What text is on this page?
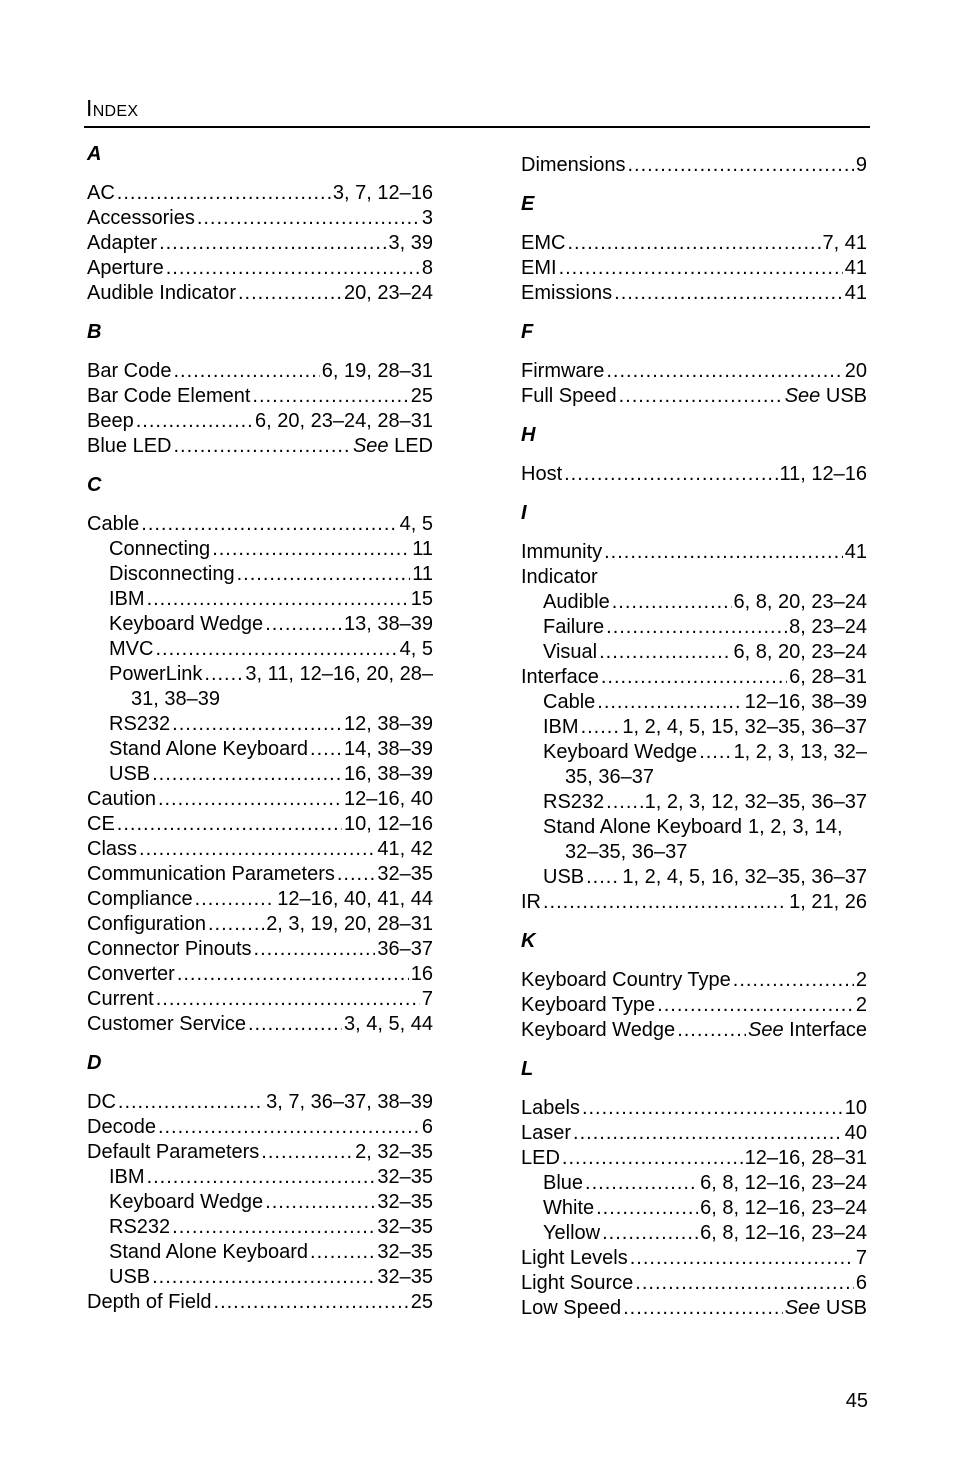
Index
A
AC .....	3, 7, 12–16
Accessories .....	3
Adapter .....	3, 39
Aperture .....	8
Audible Indicator .....	20, 23–24
B
Bar Code .....	6, 19, 28–31
Bar Code Element .....	25
Beep .....	6, 20, 23–24, 28–31
Blue LED .....	See LED
C
Cable .....	4, 5
Connecting .....	11
Disconnecting .....	11
IBM .....	15
Keyboard Wedge .....	13, 38–39
MVC .....	4, 5
PowerLink ..... 3, 11, 12–16, 20, 28–
31, 38–39
RS232 .....	12, 38–39
Stand Alone Keyboard ..... 14, 38–39
USB .....	16, 38–39
Caution .....	12–16, 40
CE .....	10, 12–16
Class .....	41, 42
Communication Parameters ..... 32–35
Compliance .....	12–16, 40, 41, 44
Configuration .....	2, 3, 19, 20, 28–31
Connector Pinouts .....	36–37
Converter .....	16
Current .....	7
Customer Service .....	3, 4, 5, 44
D
DC .....	3, 7, 36–37, 38–39
Decode .....	6
Default Parameters .....	2, 32–35
IBM .....	32–35
Keyboard Wedge .....	32–35
RS232 .....	32–35
Stand Alone Keyboard .....	32–35
USB .....	32–35
Depth of Field .....	25
Dimensions .....	9
E
EMC .....	7, 41
EMI .....	41
Emissions .....	41
F
Firmware .....	20
Full Speed .....	See USB
H
Host .....	11, 12–16
I
Immunity .....	41
Indicator
Audible .....	6, 8, 20, 23–24
Failure .....	8, 23–24
Visual .....	6, 8, 20, 23–24
Interface .....	6, 28–31
Cable .....	12–16, 38–39
IBM ..... 1, 2, 4, 5, 15, 32–35, 36–37
Keyboard Wedge ..... 1, 2, 3, 13, 32–
35, 36–37
RS232 ..... 1, 2, 3, 12, 32–35, 36–37
Stand Alone Keyboard 1, 2, 3, 14,
32–35, 36–37
USB ..... 1, 2, 4, 5, 16, 32–35, 36–37
IR .....	1, 21, 26
K
Keyboard Country Type .....	2
Keyboard Type .....	2
Keyboard Wedge .....	See Interface
L
Labels .....	10
Laser .....	40
LED .....	12–16, 28–31
Blue .....	6, 8, 12–16, 23–24
White .....	6, 8, 12–16, 23–24
Yellow .....	6, 8, 12–16, 23–24
Light Levels .....	7
Light Source .....	6
Low Speed .....	See USB
45
